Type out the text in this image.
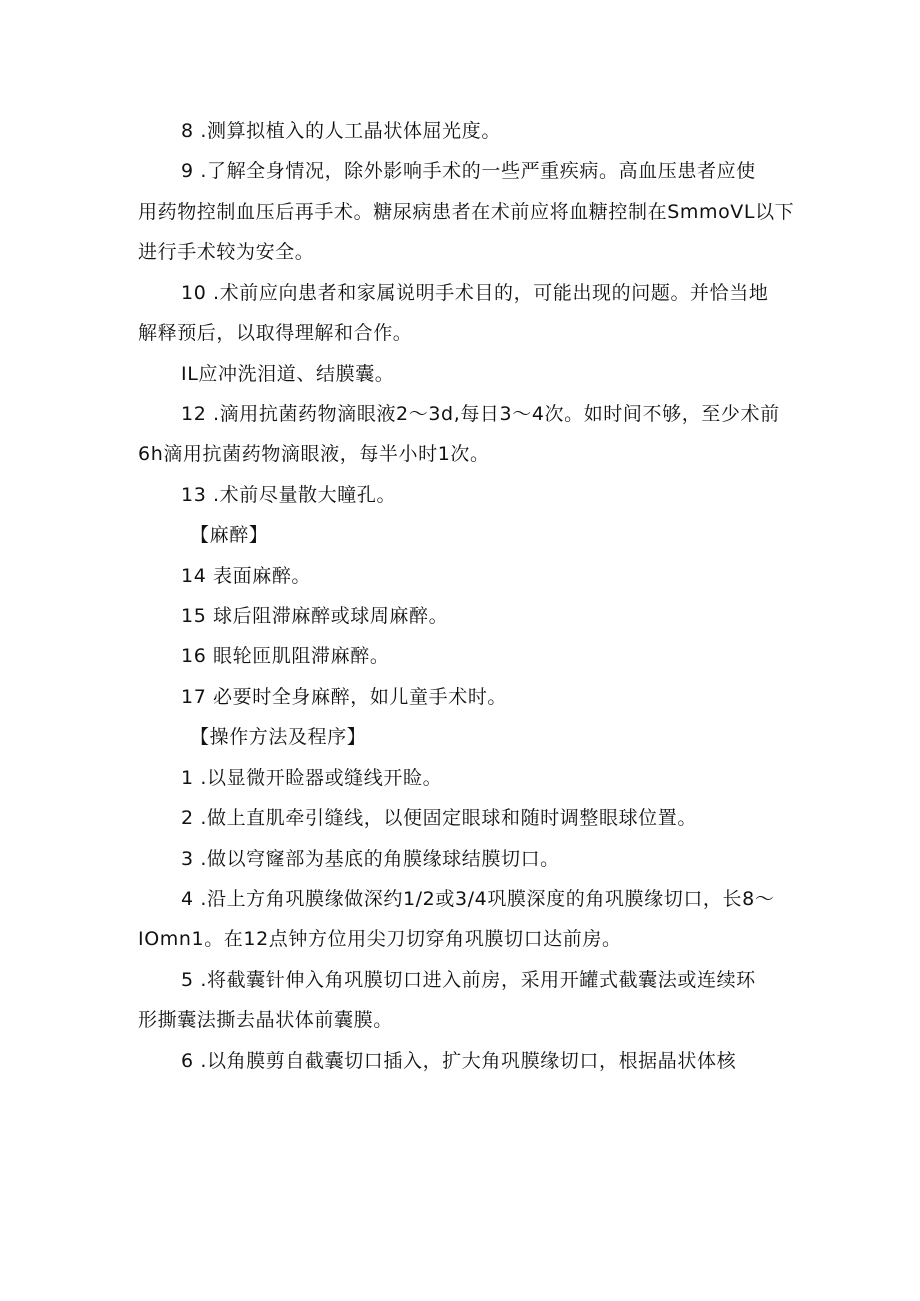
8 .测算拟植入的人工晶状体屈光度。
9 .了解全身情况，除外影响手术的一些严重疾病。高血压患者应使
用药物控制血压后再手术。糖尿病患者在术前应将血糖控制在SmmoVL以下
进行手术较为安全。
10 .术前应向患者和家属说明手术目的，可能出现的问题。并恰当地
解释预后，以取得理解和合作。
IL应冲洗泪道、结膜囊。
12 .滴用抗菌药物滴眼液2〜3d,每日3〜4次。如时间不够，至少术前
6h滴用抗菌药物滴眼液，每半小时1次。
13 .术前尽量散大瞳孔。
【麻醉】
14 表面麻醉。
15 球后阻滞麻醉或球周麻醉。
16 眼轮匝肌阻滞麻醉。
17 必要时全身麻醉，如儿童手术时。
【操作方法及程序】
1 .以显微开睑器或缝线开睑。
2 .做上直肌牵引缝线，以便固定眼球和随时调整眼球位置。
3 .做以穹窿部为基底的角膜缘球结膜切口。
4 .沿上方角巩膜缘做深约1/2或3/4巩膜深度的角巩膜缘切口，长8〜
IOmn1。在12点钟方位用尖刀切穿角巩膜切口达前房。
5 .将截囊针伸入角巩膜切口进入前房，采用开罐式截囊法或连续环
形撕囊法撕去晶状体前囊膜。
6 .以角膜剪自截囊切口插入，扩大角巩膜缘切口，根据晶状体核
